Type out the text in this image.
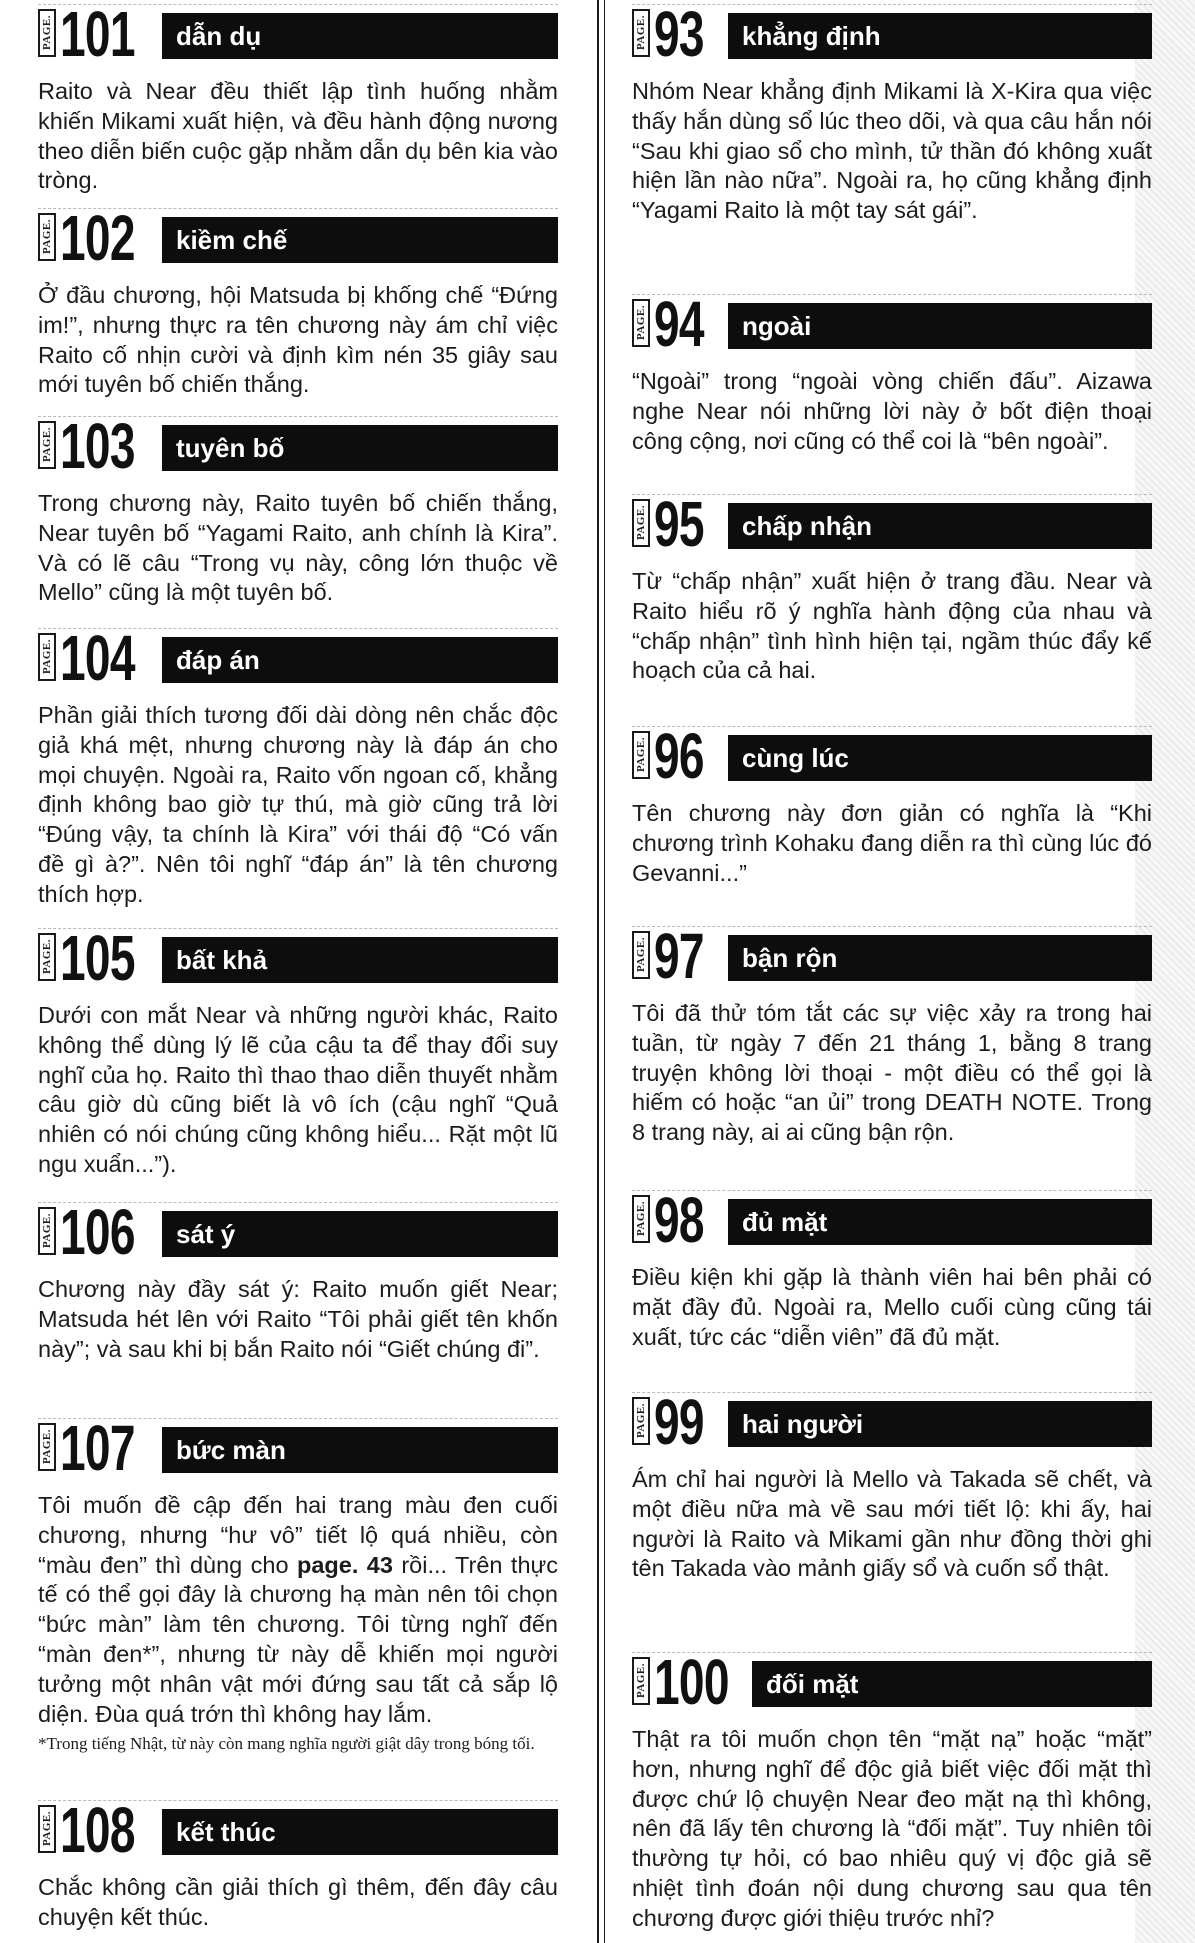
PAGE. 101	dẫn dụ
Raito và Near đều thiết lập tình huống nhằm khiến Mikami xuất hiện, và đều hành động nương theo diễn biến cuộc gặp nhằm dẫn dụ bên kia vào tròng.
PAGE. 102	kiềm chế
Ở đầu chương, hội Matsuda bị khống chế “Đứng im!”, nhưng thực ra tên chương này ám chỉ việc Raito cố nhịn cười và định kìm nén 35 giây sau mới tuyên bố chiến thắng.
PAGE. 103	tuyên bố
Trong chương này, Raito tuyên bố chiến thắng, Near tuyên bố “Yagami Raito, anh chính là Kira”. Và có lẽ câu “Trong vụ này, công lớn thuộc về Mello” cũng là một tuyên bố.
PAGE. 104	đáp án
Phần giải thích tương đối dài dòng nên chắc độc giả khá mệt, nhưng chương này là đáp án cho mọi chuyện. Ngoài ra, Raito vốn ngoan cố, khẳng định không bao giờ tự thú, mà giờ cũng trả lời “Đúng vậy, ta chính là Kira” với thái độ “Có vấn đề gì à?”. Nên tôi nghĩ “đáp án” là tên chương thích hợp.
PAGE. 105	bất khả
Dưới con mắt Near và những người khác, Raito không thể dùng lý lẽ của cậu ta để thay đổi suy nghĩ của họ. Raito thì thao thao diễn thuyết nhằm câu giờ dù cũng biết là vô ích (cậu nghĩ “Quả nhiên có nói chúng cũng không hiểu... Rặt một lũ ngu xuẩn...”).
PAGE. 106	sát ý
Chương này đầy sát ý: Raito muốn giết Near; Matsuda hét lên với Raito “Tôi phải giết tên khốn này”; và sau khi bị bắn Raito nói “Giết chúng đi”.
PAGE. 107	bức màn
Tôi muốn đề cập đến hai trang màu đen cuối chương, nhưng “hư vô” tiết lộ quá nhiều, còn “màu đen” thì dùng cho page. 43 rồi... Trên thực tế có thể gọi đây là chương hạ màn nên tôi chọn “bức màn” làm tên chương. Tôi từng nghĩ đến “màn đen*”, nhưng từ này dễ khiến mọi người tưởng một nhân vật mới đứng sau tất cả sắp lộ diện. Đùa quá trớn thì không hay lắm.
*Trong tiếng Nhật, từ này còn mang nghĩa người giật dây trong bóng tối.
PAGE. 108	kết thúc
Chắc không cần giải thích gì thêm, đến đây câu chuyện kết thúc.
PAGE. 93	khẳng định
Nhóm Near khẳng định Mikami là X-Kira qua việc thấy hắn dùng sổ lúc theo dõi, và qua câu hắn nói “Sau khi giao sổ cho mình, tử thần đó không xuất hiện lần nào nữa”. Ngoài ra, họ cũng khẳng định “Yagami Raito là một tay sát gái”.
PAGE. 94	ngoài
“Ngoài” trong “ngoài vòng chiến đấu”. Aizawa nghe Near nói những lời này ở bốt điện thoại công cộng, nơi cũng có thể coi là “bên ngoài”.
PAGE. 95	chấp nhận
Từ “chấp nhận” xuất hiện ở trang đầu. Near và Raito hiểu rõ ý nghĩa hành động của nhau và “chấp nhận” tình hình hiện tại, ngầm thúc đẩy kế hoạch của cả hai.
PAGE. 96	cùng lúc
Tên chương này đơn giản có nghĩa là “Khi chương trình Kohaku đang diễn ra thì cùng lúc đó Gevanni...”
PAGE. 97	bận rộn
Tôi đã thử tóm tắt các sự việc xảy ra trong hai tuần, từ ngày 7 đến 21 tháng 1, bằng 8 trang truyện không lời thoại - một điều có thể gọi là hiếm có hoặc “an ủi” trong DEATH NOTE. Trong 8 trang này, ai ai cũng bận rộn.
PAGE. 98	đủ mặt
Điều kiện khi gặp là thành viên hai bên phải có mặt đầy đủ. Ngoài ra, Mello cuối cùng cũng tái xuất, tức các “diễn viên” đã đủ mặt.
PAGE. 99	hai người
Ám chỉ hai người là Mello và Takada sẽ chết, và một điều nữa mà về sau mới tiết lộ: khi ấy, hai người là Raito và Mikami gần như đồng thời ghi tên Takada vào mảnh giấy sổ và cuốn sổ thật.
PAGE. 100	đối mặt
Thật ra tôi muốn chọn tên “mặt nạ” hoặc “mặt” hơn, nhưng nghĩ để độc giả biết việc đối mặt thì được chứ lộ chuyện Near đeo mặt nạ thì không, nên đã lấy tên chương là “đối mặt”. Tuy nhiên tôi thường tự hỏi, có bao nhiêu quý vị độc giả sẽ nhiệt tình đoán nội dung chương sau qua tên chương được giới thiệu trước nhỉ?
